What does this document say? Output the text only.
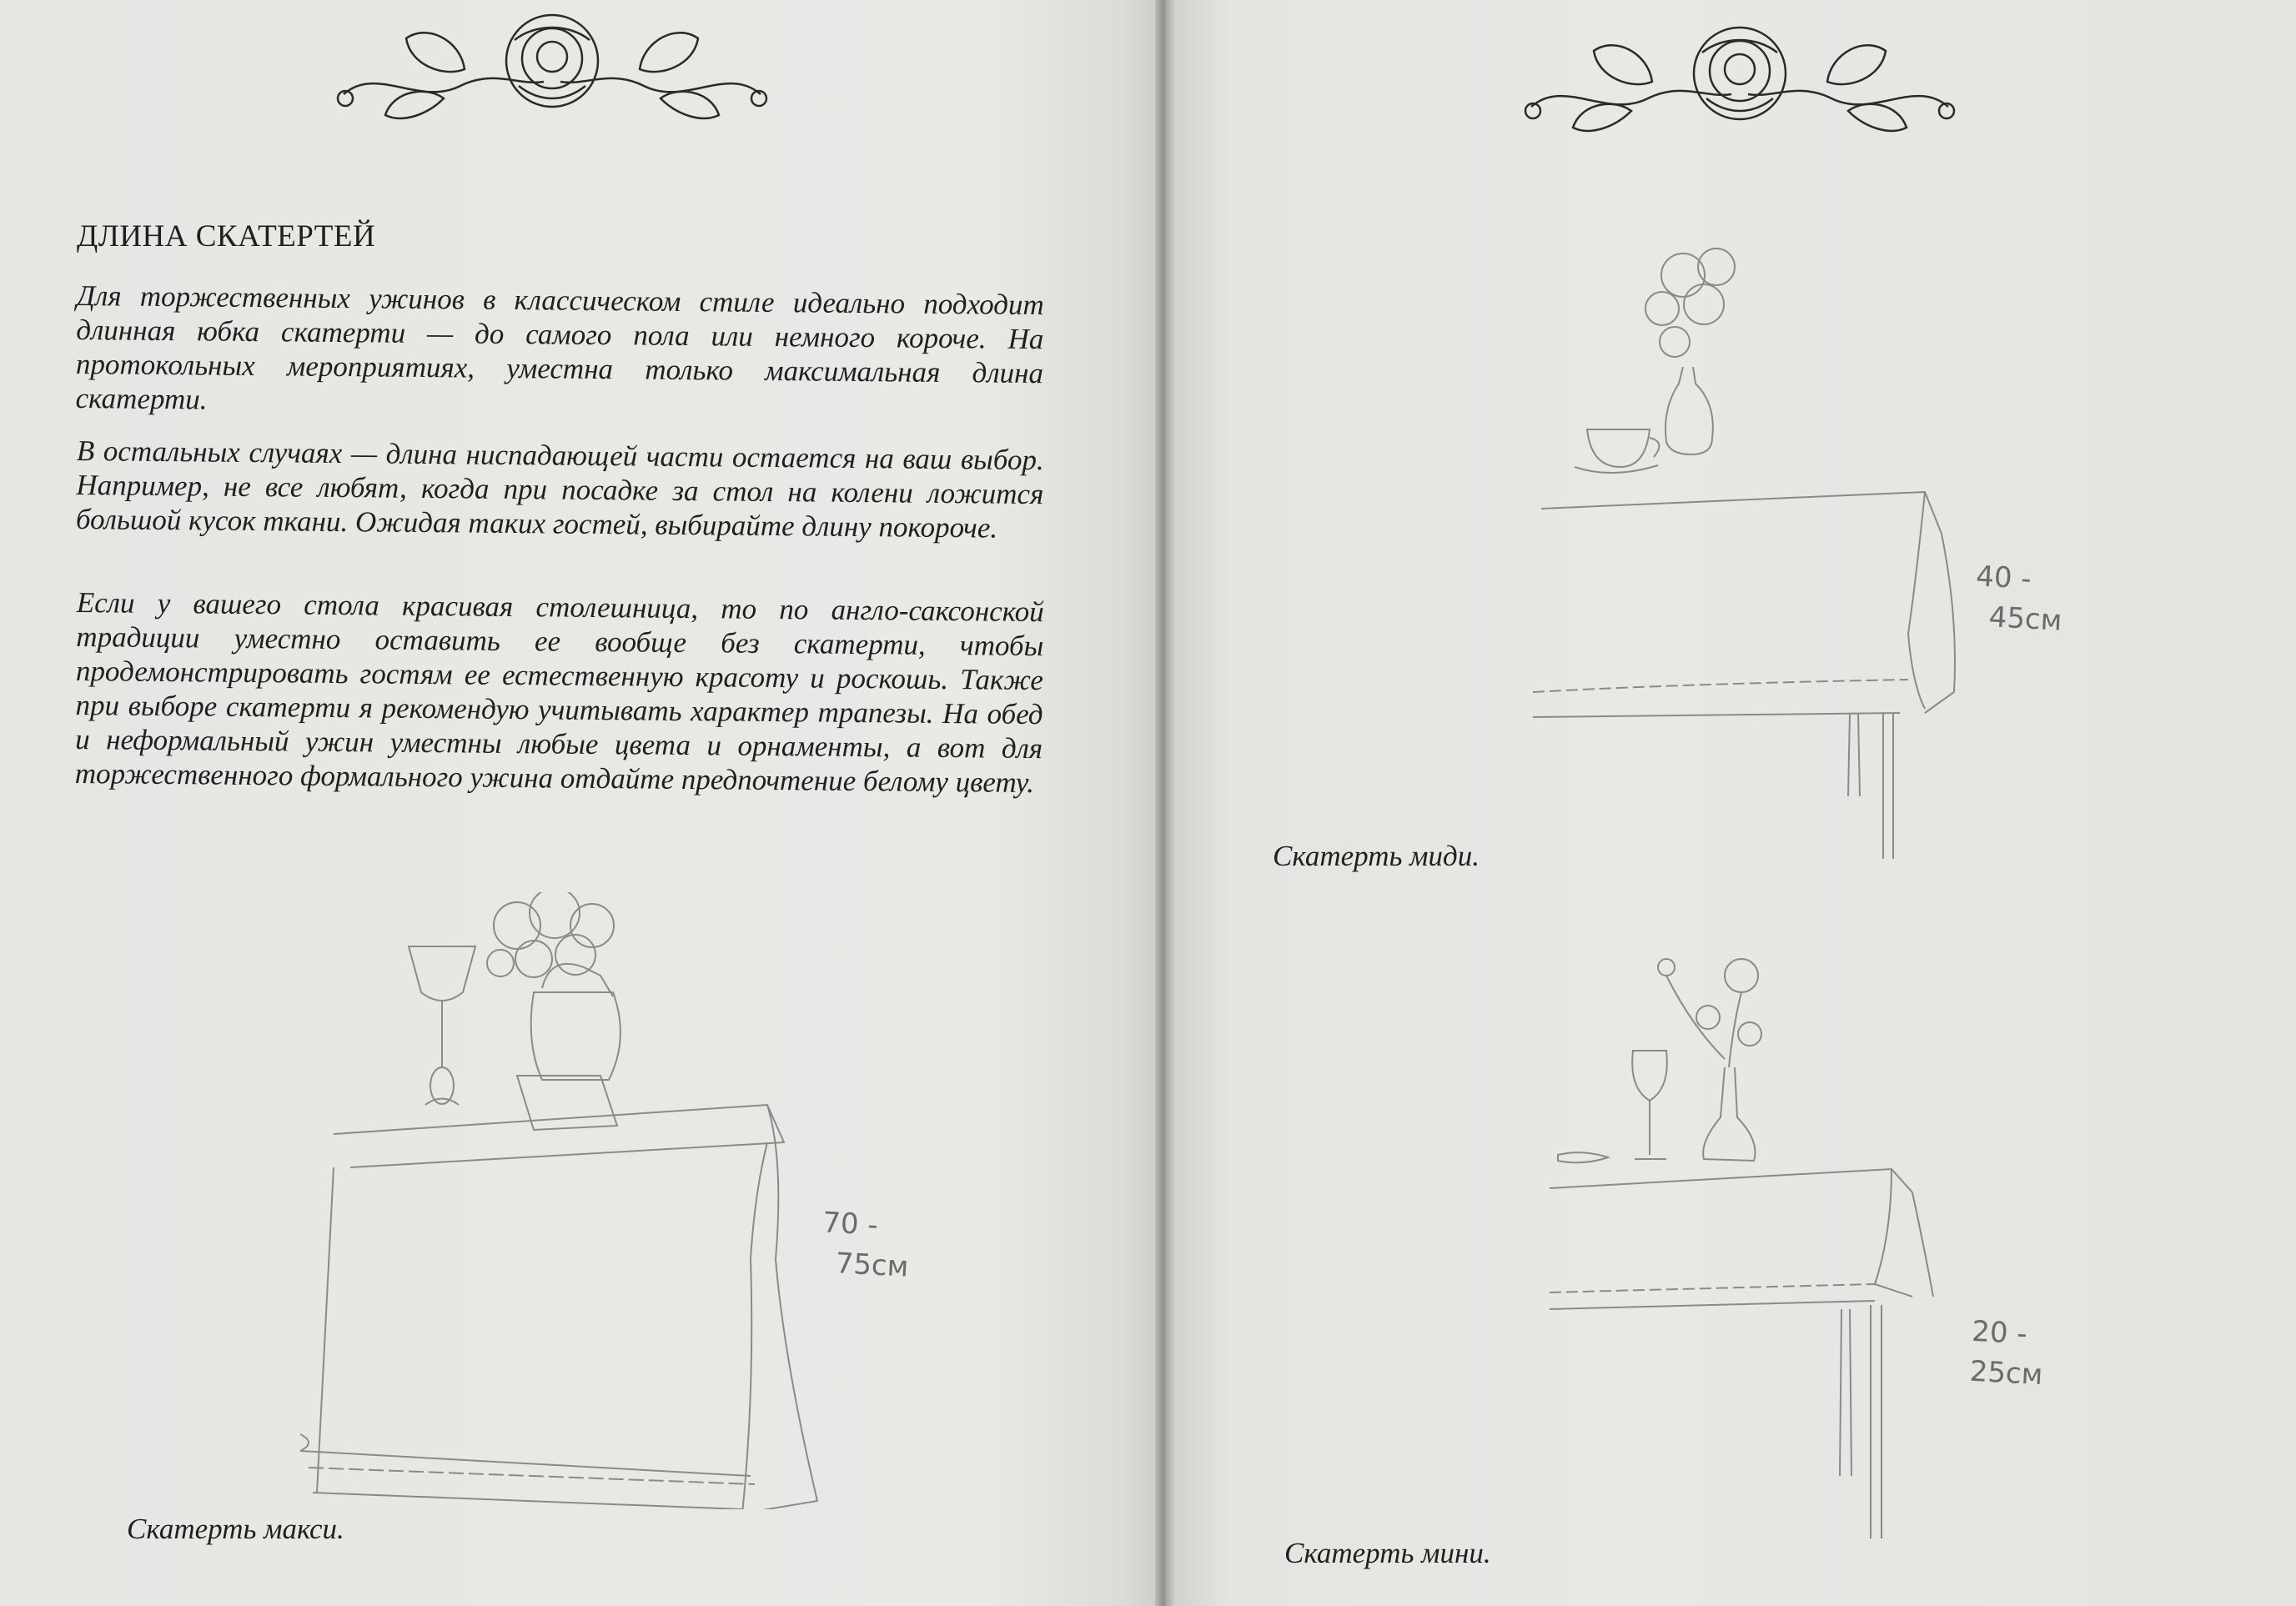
ДЛИНА СКАТЕРТЕЙ

Для торжественных ужинов в классическом стиле идеально подходит длинная юбка скатерти — до самого пола или немного короче. На протокольных мероприятиях, уместна только максимальная длина скатерти.

В остальных случаях — длина ниспадающей части остается на ваш выбор. Например, не все любят, когда при посадке за стол на колени ложится большой кусок ткани. Ожидая таких гостей, выбирайте длину покороче.

Если у вашего стола красивая столешница, то по англо-саксонской традиции уместно оставить ее вообще без скатерти, чтобы продемонстрировать гостям ее естественную красоту и роскошь. Также при выборе скатерти я рекомендую учитывать характер трапезы. На обед и неформальный ужин уместны любые цвета и орнаменты, а вот для торжественного формального ужина отдайте предпочтение белому цвету.

70 -
75см

Скатерть макси.

40 -
45см

Скатерть миди.

20 -
25см

Скатерть мини.
